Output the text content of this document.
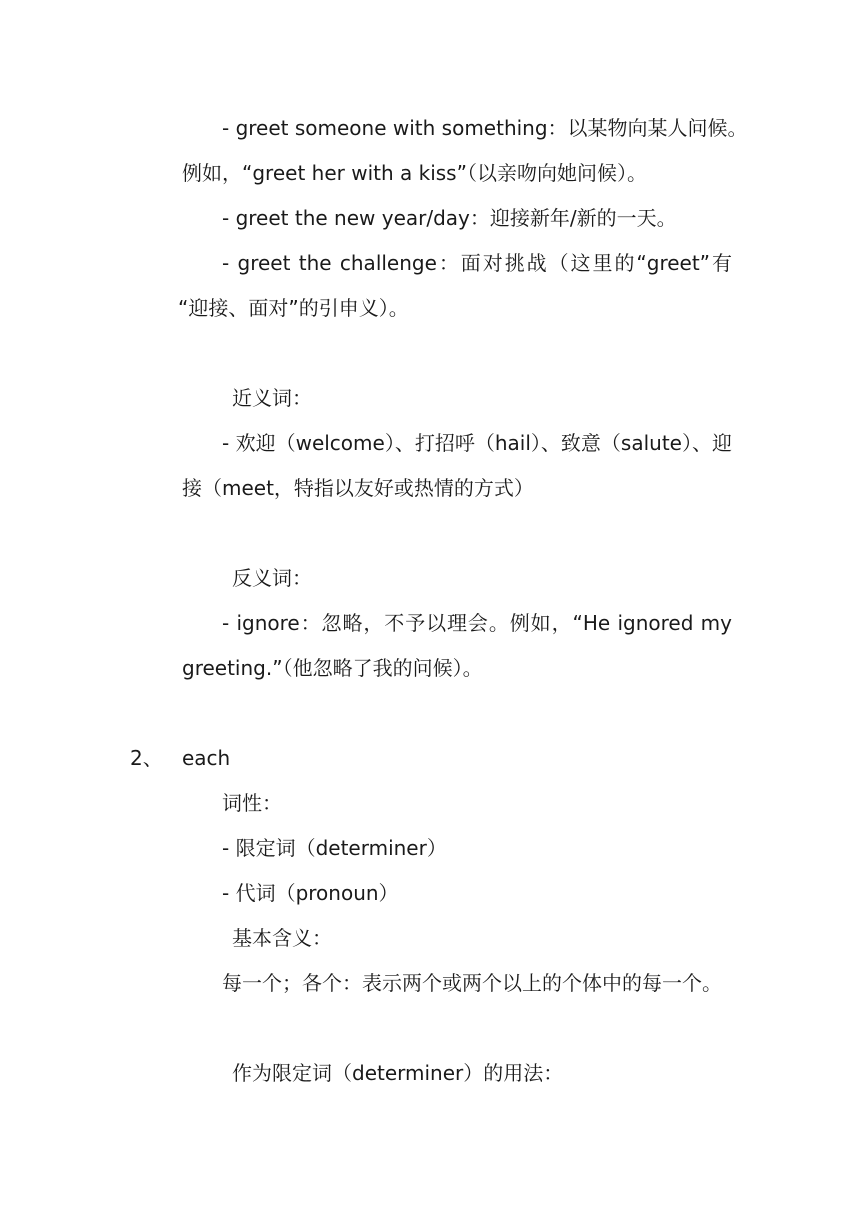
- greet someone with something：以某物向某人问候。
例如，“greet her with a kiss”（以亲吻向她问候）。
- greet the new year/day：迎接新年/新的一天。
- greet the challenge：面对挑战（这里的“greet”有
“迎接、面对”的引申义）。
近义词：
- 欢迎（welcome）、打招呼（hail）、致意（salute）、迎
接（meet，特指以友好或热情的方式）
反义词：
- ignore：忽略，不予以理会。例如，“He ignored my
greeting.”（他忽略了我的问候）。
2、 each
词性：
- 限定词（determiner）
- 代词（pronoun）
基本含义：
每一个；各个：表示两个或两个以上的个体中的每一个。
作为限定词（determiner）的用法：
